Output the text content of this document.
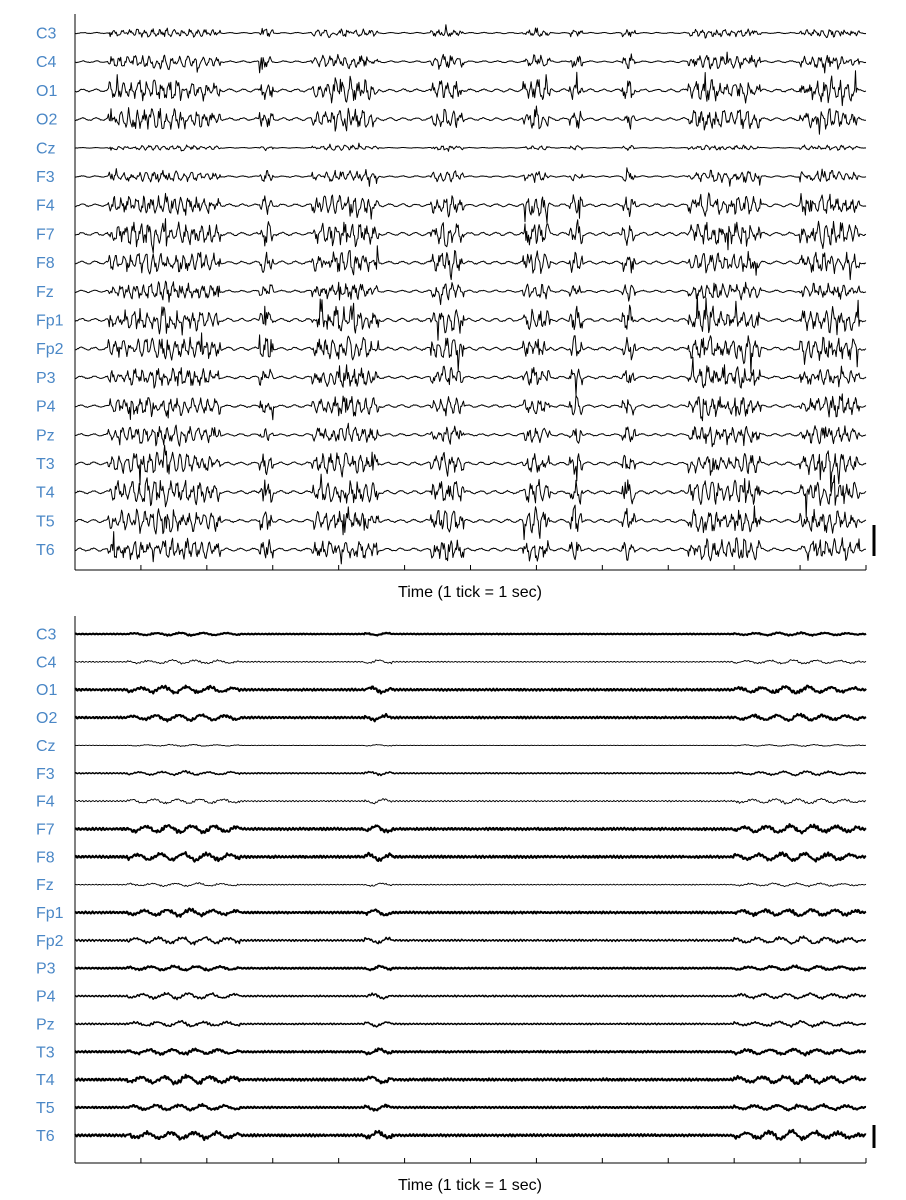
C3
C4
O1
O2
Cz
F3
F4
F7
F8
Fz
Fp1
Fp2
P3
P4
Pz
T3
T4
T5
T6
Time (1 tick = 1 sec)
C3
C4
O1
O2
Cz
F3
F4
F7
F8
Fz
Fp1
Fp2
P3
P4
Pz
T3
T4
T5
T6
Time (1 tick = 1 sec)
